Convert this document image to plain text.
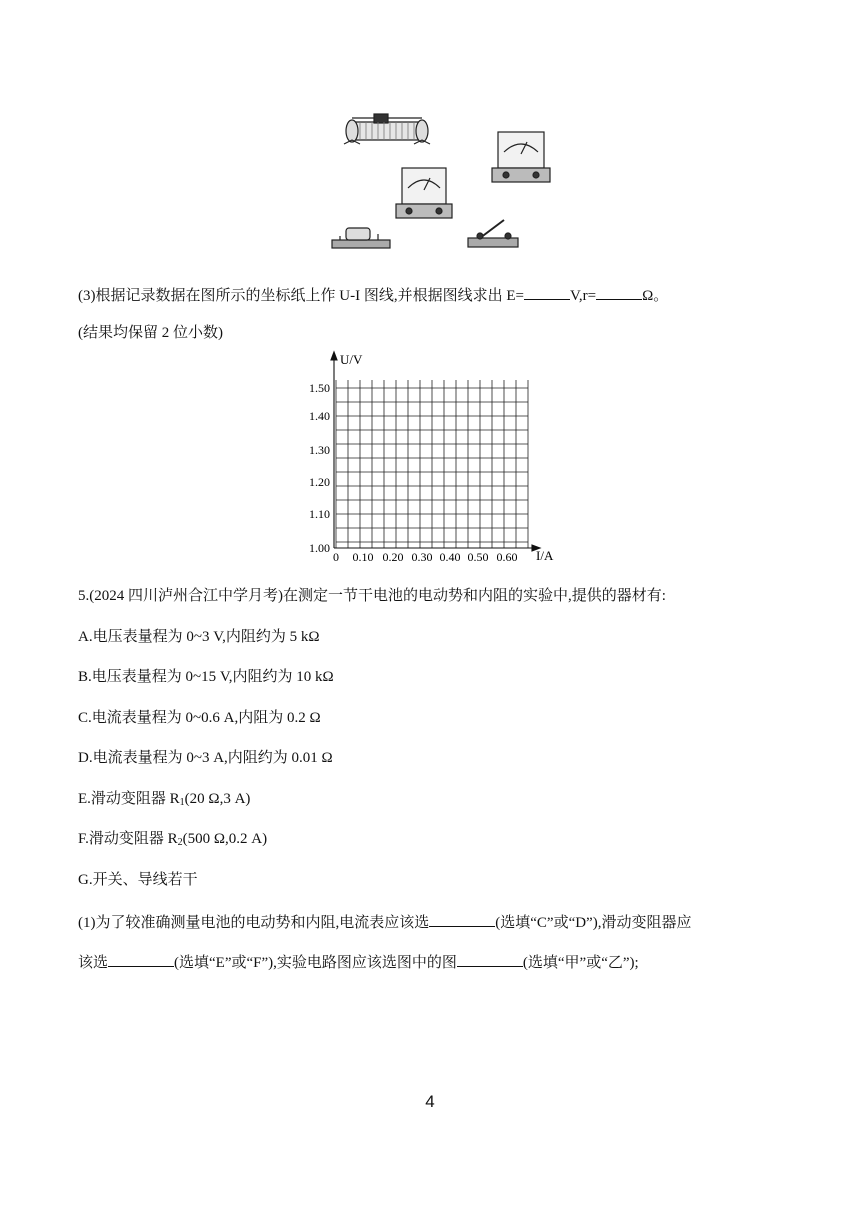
(3)根据记录数据在图所示的坐标纸上作 U-I 图线,并根据图线求出 E=	V,r=	Ω。
(结果均保留 2 位小数)
U/V
I/A
1.50
1.40
1.30
1.20
1.10
1.00
0 0.10 0.20 0.30 0.40 0.50 0.60
5.(2024 四川泸州合江中学月考)在测定一节干电池的电动势和内阻的实验中,提供的器材有:
A.电压表量程为 0~3 V,内阻约为 5 kΩ
B.电压表量程为 0~15 V,内阻约为 10 kΩ
C.电流表量程为 0~0.6 A,内阻为 0.2 Ω
D.电流表量程为 0~3 A,内阻约为 0.01 Ω
E.滑动变阻器 $R_1(20$ Ω,3 A)
F.滑动变阻器 $R_2(500$ Ω,0.2 A)
G.开关、导线若干
(1)为了较准确测量电池的电动势和内阻,电流表应该选	(选填“C”或“D”),滑动变阻器应
该选	(选填“E”或“F”),实验电路图应该选图中的图	(选填“甲”或“乙”);
4
